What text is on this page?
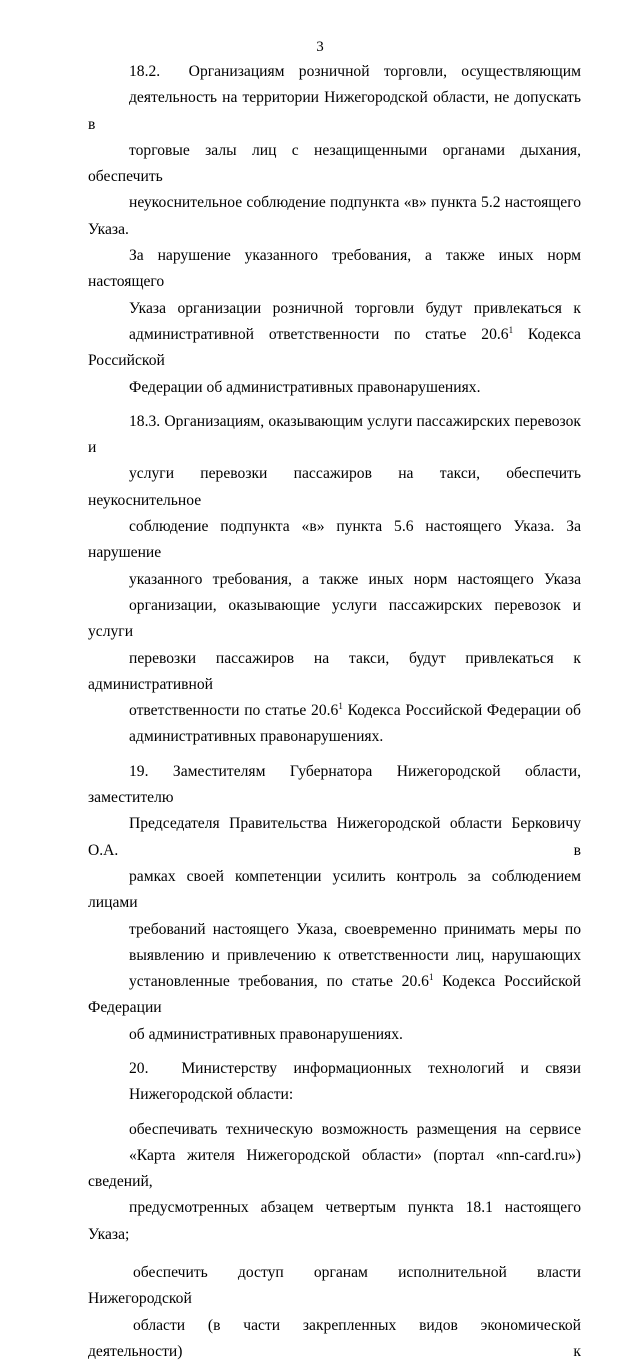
3

18.2.  Организациям розничной торговли, осуществляющим
деятельность на территории Нижегородской области, не допускать в
торговые залы лиц с незащищенными органами дыхания, обеспечить
неукоснительное соблюдение подпункта «в» пункта 5.2 настоящего Указа.
За нарушение указанного требования, а также иных норм настоящего
Указа организации розничной торговли будут привлекаться к
административной ответственности по статье 20.6$^1$ Кодекса Российской
Федерации об административных правонарушениях.

18.3. Организациям, оказывающим услуги пассажирских перевозок и
услуги перевозки пассажиров на такси, обеспечить неукоснительное
соблюдение подпункта «в» пункта 5.6 настоящего Указа. За нарушение
указанного требования, а также иных норм настоящего Указа
организации, оказывающие услуги пассажирских перевозок и услуги
перевозки пассажиров на такси, будут привлекаться к административной
ответственности по статье 20.6$^1$ Кодекса Российской Федерации об
административных правонарушениях.

19. Заместителям Губернатора Нижегородской области, заместителю
Председателя Правительства Нижегородской области Берковичу О.А. в
рамках своей компетенции усилить контроль за соблюдением лицами
требований настоящего Указа, своевременно принимать меры по
выявлению и привлечению к ответственности лиц, нарушающих
установленные требования, по статье 20.6$^1$ Кодекса Российской Федерации
об административных правонарушениях.

20.  Министерству информационных технологий и связи
Нижегородской области:

обеспечивать техническую возможность размещения на сервисе
«Карта жителя Нижегородской области» (портал «nn-card.ru») сведений,
предусмотренных абзацем четвертым пункта 18.1 настоящего Указа;

обеспечить доступ органам исполнительной власти Нижегородской
области (в части закрепленных видов экономической деятельности) к
